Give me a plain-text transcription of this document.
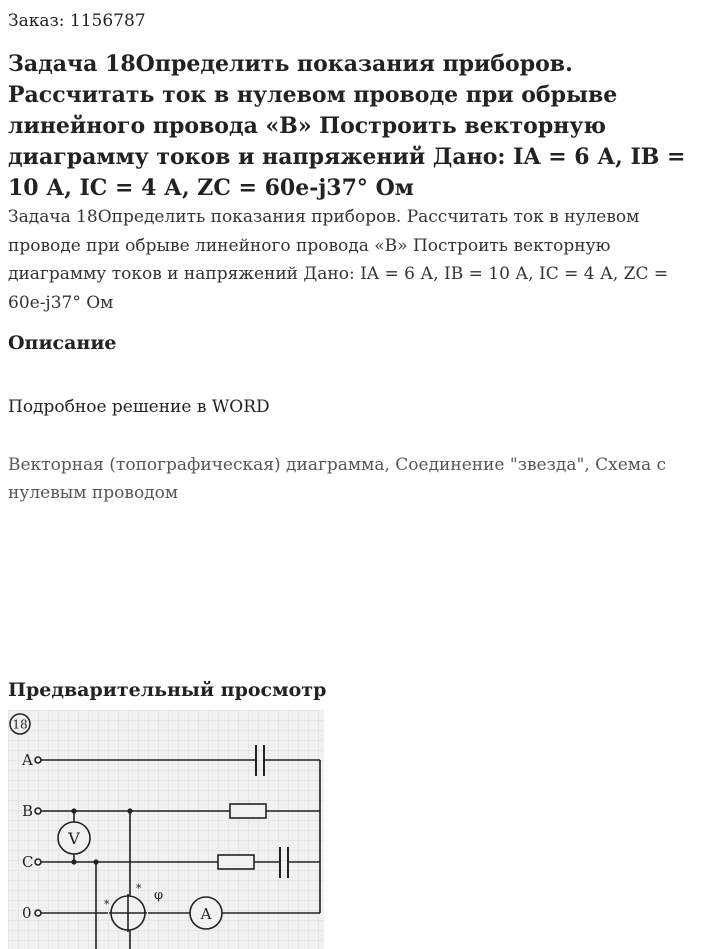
Заказ: 1156787
Задача 18Определить показания приборов. Рассчитать ток в нулевом проводе при обрыве линейного провода «В» Построить векторную диаграмму токов и напряжений Дано: IA = 6 А, IB = 10 А, IC = 4 А, ZC = 60e-j37° Ом

Задача 18Определить показания приборов. Рассчитать ток в нулевом проводе при обрыве линейного провода «В» Построить векторную диаграмму токов и напряжений Дано: IA = 6 А, IB = 10 А, IC = 4 А, ZC = 60e-j37° Ом

Описание

Подробное решение в WORD

Векторная (топографическая) диаграмма, Соединение "звезда", Схема с нулевым проводом

Предварительный просмотр
18
A
B
C
0
V
A
φ
*
*
